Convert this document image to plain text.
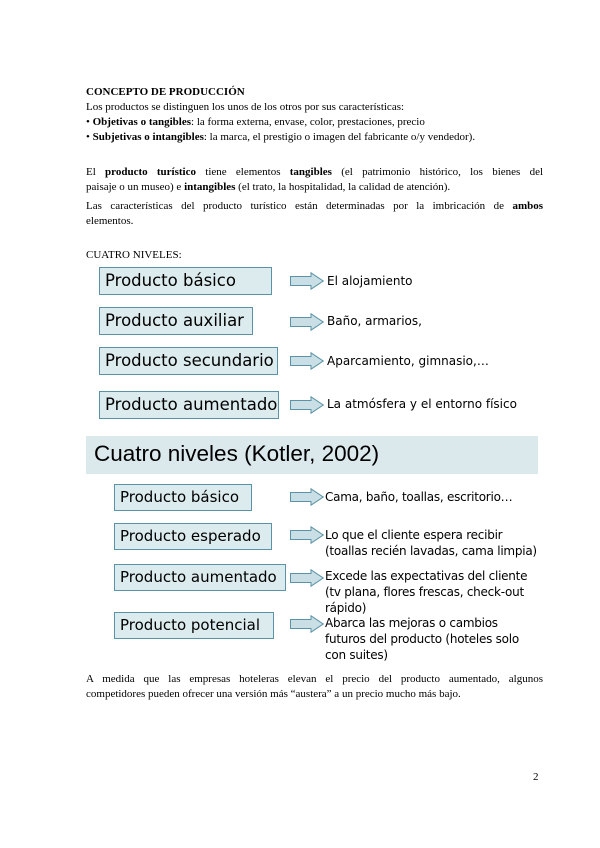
CONCEPTO DE PRODUCCIÓN
Los productos se distinguen los unos de los otros por sus características:
• Objetivas o tangibles: la forma externa, envase, color, prestaciones, precio
• Subjetivas o intangibles: la marca, el prestigio o imagen del fabricante o/y vendedor).
El producto turístico tiene elementos tangibles (el patrimonio histórico, los bienes del
paisaje o un museo) e intangibles (el trato, la hospitalidad, la calidad de atención).
Las características del producto turístico están determinadas por la imbricación de ambos
elementos.
CUATRO NIVELES:
Producto básico	El alojamiento
Producto auxiliar	Baño, armarios,
Producto secundario	Aparcamiento, gimnasio,…
Producto aumentado	La atmósfera y el entorno físico
Cuatro niveles (Kotler, 2002)
Producto básico	Cama, baño, toallas, escritorio…
Producto esperado	Lo que el cliente espera recibir
(toallas recién lavadas, cama limpia)
Producto aumentado	Excede las expectativas del cliente
(tv plana, flores frescas, check-out
rápido)
Producto potencial	Abarca las mejoras o cambios
futuros del producto (hoteles solo
con suites)
A medida que las empresas hoteleras elevan el precio del producto aumentado, algunos
competidores pueden ofrecer una versión más “austera” a un precio mucho más bajo.
2
